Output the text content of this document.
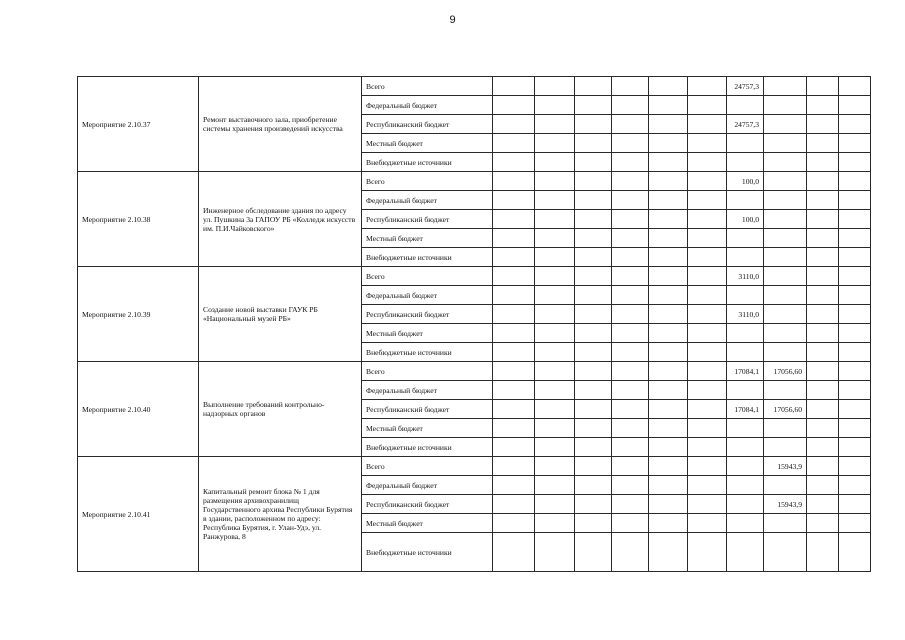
9
Мероприятие 2.10.37	Ремонт выставочного зала, приобретение системы хранения произведений искусства	Всего							24757,3			
		Федеральный бюджет										
		Республиканский бюджет							24757,3			
		Местный бюджет										
		Внебюджетные источники										
Мероприятие 2.10.38	Инженерное обследование здания по адресу ул. Пушкина 3а ГАПОУ РБ «Колледж искусств им. П.И.Чайковского»	Всего							100,0			
		Федеральный бюджет										
		Республиканский бюджет							100,0			
		Местный бюджет										
		Внебюджетные источники										
Мероприятие 2.10.39	Создание новой выставки ГАУК РБ «Национальный музей РБ»	Всего							3110,0			
		Федеральный бюджет										
		Республиканский бюджет							3110,0			
		Местный бюджет										
		Внебюджетные источники										
Мероприятие 2.10.40	Выполнение требований контрольно-надзорных органов	Всего							17084,1	17056,60		
		Федеральный бюджет										
		Республиканский бюджет							17084,1	17056,60		
		Местный бюджет										
		Внебюджетные источники										
Мероприятие 2.10.41	Капитальный ремонт блока № 1 для размещения архивохранилищ Государственного архива Республики Бурятия в здании, расположенном по адресу: Республика Бурятия, г. Улан-Удэ, ул. Ранжурова, 8	Всего								15943,9		
		Федеральный бюджет										
		Республиканский бюджет								15943,9		
		Местный бюджет										
		Внебюджетные источники										
